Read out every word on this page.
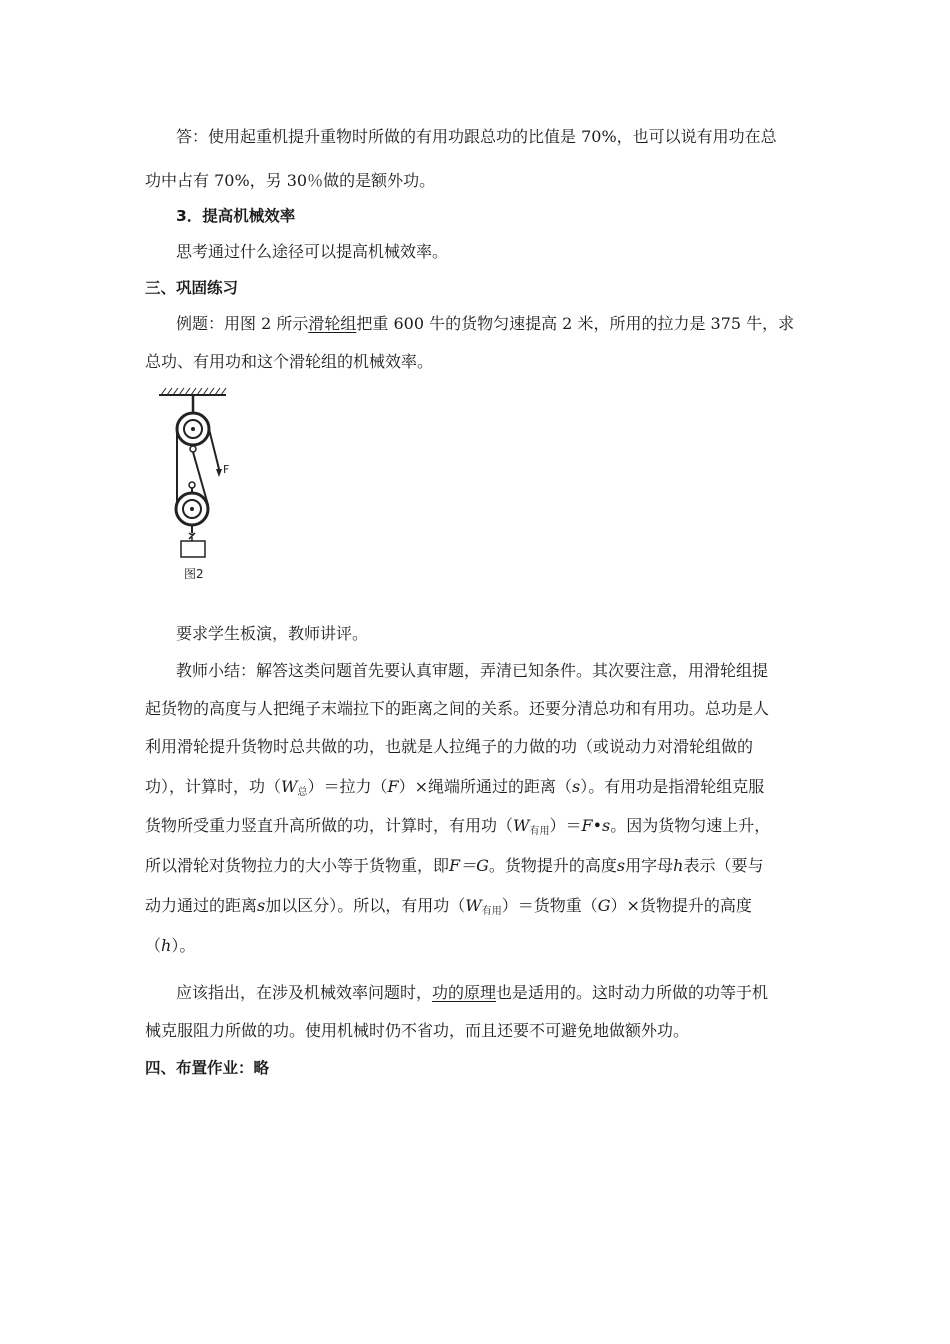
答：使用起重机提升重物时所做的有用功跟总功的比值是 70%，也可以说有用功在总
功中占有 70%，另 30％做的是额外功。
3．提高机械效率
思考通过什么途径可以提高机械效率。
三、巩固练习
例题：用图 2 所示滑轮组把重 600 牛的货物匀速提高 2 米，所用的拉力是 375 牛，求
总功、有用功和这个滑轮组的机械效率。
F
图2
要求学生板演，教师讲评。
教师小结：解答这类问题首先要认真审题，弄清已知条件。其次要注意，用滑轮组提
起货物的高度与人把绳子末端拉下的距离之间的关系。还要分清总功和有用功。总功是人
利用滑轮提升货物时总共做的功，也就是人拉绳子的力做的功（或说动力对滑轮组做的
功），计算时，功$(W_总)=$拉力（F）×绳端所通过的距离（s）。有用功是指滑轮组克服
货物所受重力竖直升高所做的功，计算时，有用功$(W_{有用})=F•s$。因为货物匀速上升，
所以滑轮对货物拉力的大小等于货物重，即F＝G。货物提升的高度s用字母h表示（要与
动力通过的距离s加以区分）。所以，有用功$(W_{有用})=$货物重（G）×货物提升的高度
（h）。
应该指出，在涉及机械效率问题时，功的原理也是适用的。这时动力所做的功等于机
械克服阻力所做的功。使用机械时仍不省功，而且还要不可避免地做额外功。
四、布置作业：略
